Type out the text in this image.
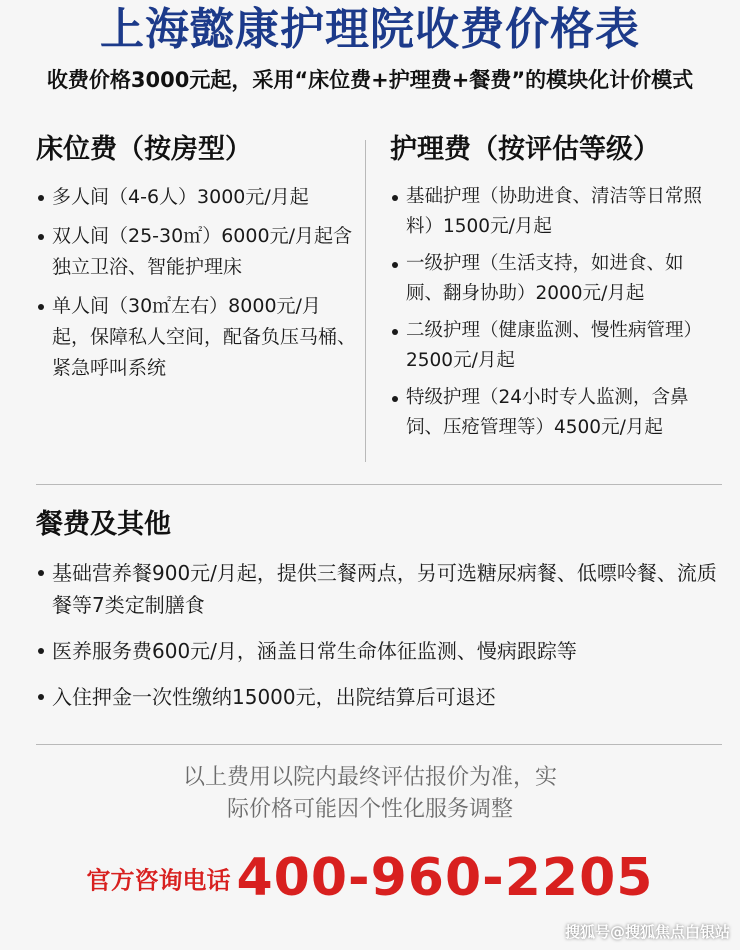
上海懿康护理院收费价格表
收费价格3000元起，采用“床位费+护理费+餐费”的模块化计价模式
床位费（按房型）
多人间（4-6人）3000元/月起
双人间（25-30㎡）6000元/月起含独立卫浴、智能护理床
单人间（30㎡左右）8000元/月起，保障私人空间，配备负压马桶、紧急呼叫系统
护理费（按评估等级）
基础护理（协助进食、清洁等日常照料）1500元/月起
一级护理（生活支持，如进食、如厕、翻身协助）2000元/月起
二级护理（健康监测、慢性病管理）2500元/月起
特级护理（24小时专人监测，含鼻饲、压疮管理等）4500元/月起
餐费及其他
基础营养餐900元/月起，提供三餐两点，另可选糖尿病餐、低嘌呤餐、流质餐等7类定制膳食
医养服务费600元/月，涵盖日常生命体征监测、慢病跟踪等
入住押金一次性缴纳15000元，出院结算后可退还
以上费用以院内最终评估报价为准，实际价格可能因个性化服务调整
官方咨询电话 400-960-2205
搜狐号@搜狐焦点白银站
